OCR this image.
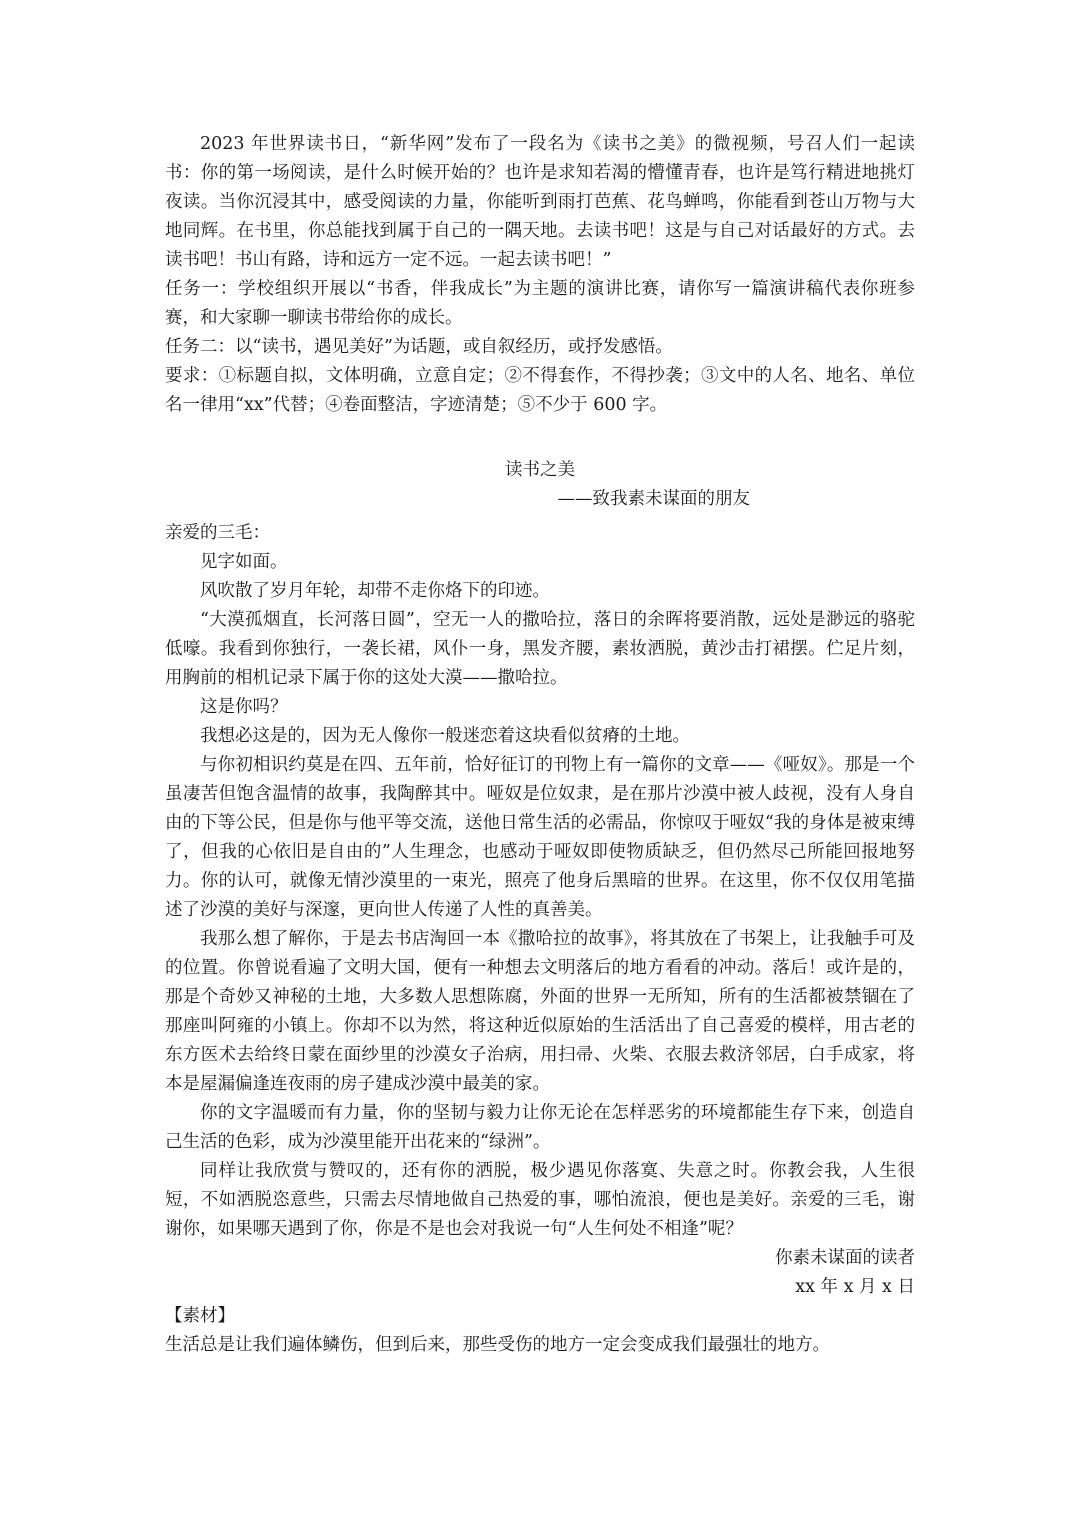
2023 年世界读书日，“新华网”发布了一段名为《读书之美》的微视频，号召人们一起读书：你的第一场阅读，是什么时候开始的？也许是求知若渴的懵懂青春，也许是笃行精进地挑灯夜读。当你沉浸其中，感受阅读的力量，你能听到雨打芭蕉、花鸟蝉鸣，你能看到苍山万物与大地同辉。在书里，你总能找到属于自己的一隅天地。去读书吧！这是与自己对话最好的方式。去读书吧！书山有路，诗和远方一定不远。一起去读书吧！”

任务一：学校组织开展以“书香，伴我成长”为主题的演讲比赛，请你写一篇演讲稿代表你班参赛，和大家聊一聊读书带给你的成长。

任务二：以“读书，遇见美好”为话题，或自叙经历，或抒发感悟。

要求：①标题自拟，文体明确，立意自定；②不得套作，不得抄袭；③文中的人名、地名、单位名一律用“xx”代替；④卷面整洁，字迹清楚；⑤不少于 600 字。

读书之美

——致我素未谋面的朋友

亲爱的三毛：

见字如面。

风吹散了岁月年轮，却带不走你烙下的印迹。

“大漠孤烟直，长河落日圆”，空无一人的撒哈拉，落日的余晖将要消散，远处是渺远的骆驼低嚎。我看到你独行，一袭长裙，风仆一身，黑发齐腰，素妆洒脱，黄沙击打裙摆。伫足片刻，用胸前的相机记录下属于你的这处大漠——撒哈拉。

这是你吗？

我想必这是的，因为无人像你一般迷恋着这块看似贫瘠的土地。

与你初相识约莫是在四、五年前，恰好征订的刊物上有一篇你的文章——《哑奴》。那是一个虽凄苦但饱含温情的故事，我陶醉其中。哑奴是位奴隶，是在那片沙漠中被人歧视，没有人身自由的下等公民，但是你与他平等交流，送他日常生活的必需品，你惊叹于哑奴“我的身体是被束缚了，但我的心依旧是自由的”人生理念，也感动于哑奴即使物质缺乏，但仍然尽己所能回报地努力。你的认可，就像无情沙漠里的一束光，照亮了他身后黑暗的世界。在这里，你不仅仅用笔描述了沙漠的美好与深邃，更向世人传递了人性的真善美。

我那么想了解你，于是去书店淘回一本《撒哈拉的故事》，将其放在了书架上，让我触手可及的位置。你曾说看遍了文明大国，便有一种想去文明落后的地方看看的冲动。落后！或许是的，那是个奇妙又神秘的土地，大多数人思想陈腐，外面的世界一无所知，所有的生活都被禁锢在了那座叫阿雍的小镇上。你却不以为然，将这种近似原始的生活活出了自己喜爱的模样，用古老的东方医术去给终日蒙在面纱里的沙漠女子治病，用扫帚、火柴、衣服去救济邻居，白手成家，将本是屋漏偏逢连夜雨的房子建成沙漠中最美的家。

你的文字温暖而有力量，你的坚韧与毅力让你无论在怎样恶劣的环境都能生存下来，创造自己生活的色彩，成为沙漠里能开出花来的“绿洲”。

同样让我欣赏与赞叹的，还有你的洒脱，极少遇见你落寞、失意之时。你教会我，人生很短，不如洒脱恣意些，只需去尽情地做自己热爱的事，哪怕流浪，便也是美好。亲爱的三毛，谢谢你，如果哪天遇到了你，你是不是也会对我说一句“人生何处不相逢”呢？

你素未谋面的读者

xx 年 x 月 x 日

【素材】

生活总是让我们遍体鳞伤，但到后来，那些受伤的地方一定会变成我们最强壮的地方。
